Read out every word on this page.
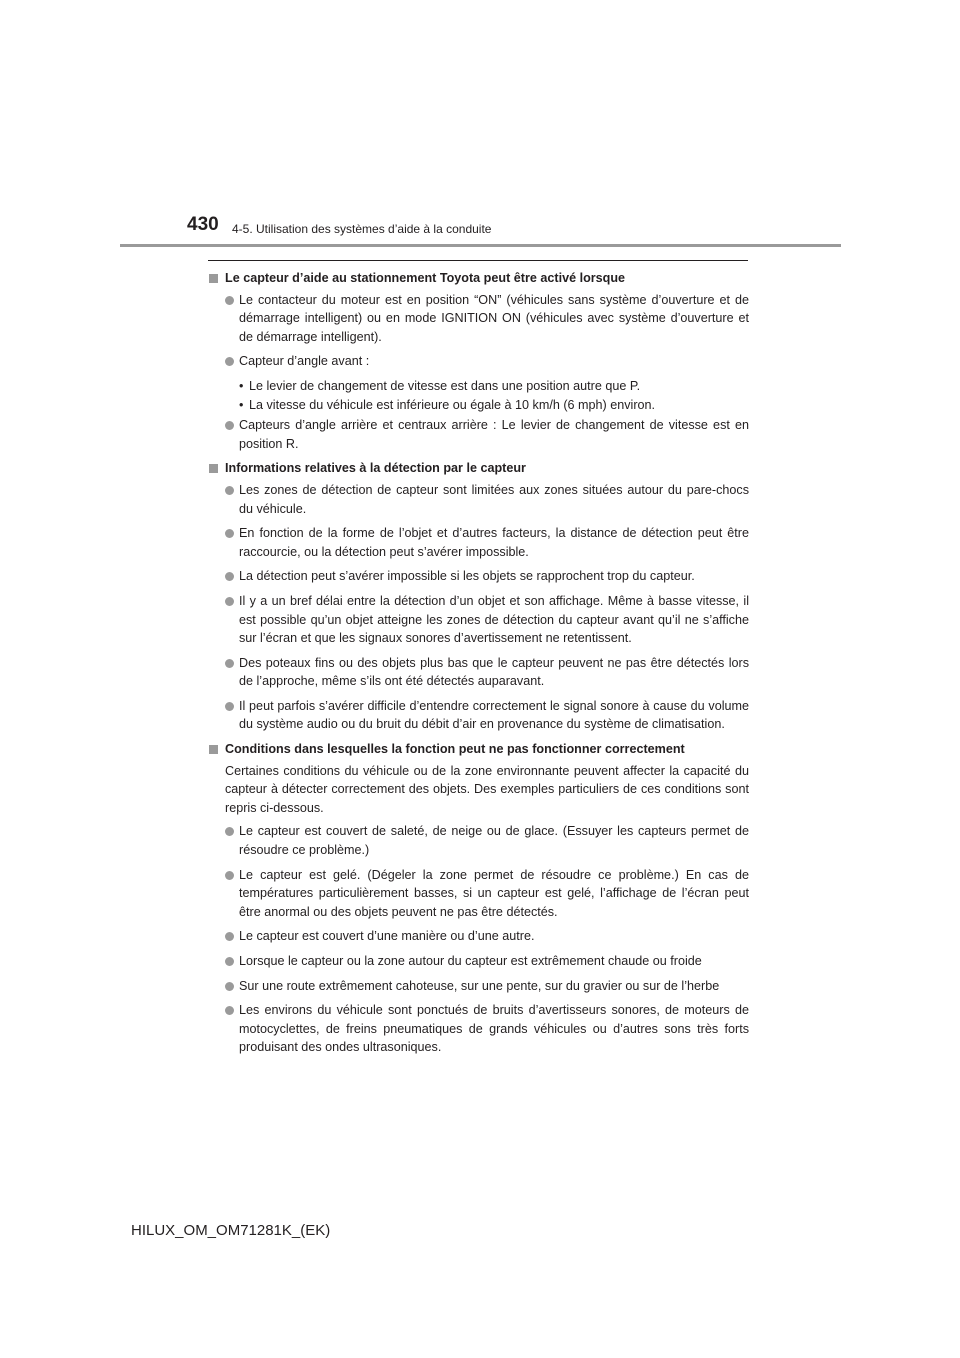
430 4-5. Utilisation des systèmes d’aide à la conduite
Le capteur d’aide au stationnement Toyota peut être activé lorsque
Le contacteur du moteur est en position “ON” (véhicules sans système d’ouverture et de démarrage intelligent) ou en mode IGNITION ON (véhicules avec système d’ouverture et de démarrage intelligent).
Capteur d’angle avant :
• Le levier de changement de vitesse est dans une position autre que P.
• La vitesse du véhicule est inférieure ou égale à 10 km/h (6 mph) environ.
Capteurs d’angle arrière et centraux arrière : Le levier de changement de vitesse est en position R.
Informations relatives à la détection par le capteur
Les zones de détection de capteur sont limitées aux zones situées autour du pare-chocs du véhicule.
En fonction de la forme de l’objet et d’autres facteurs, la distance de détection peut être raccourcie, ou la détection peut s’avérer impossible.
La détection peut s’avérer impossible si les objets se rapprochent trop du capteur.
Il y a un bref délai entre la détection d’un objet et son affichage. Même à basse vitesse, il est possible qu’un objet atteigne les zones de détection du capteur avant qu’il ne s’affiche sur l’écran et que les signaux sonores d’avertissement ne retentissent.
Des poteaux fins ou des objets plus bas que le capteur peuvent ne pas être détectés lors de l’approche, même s’ils ont été détectés auparavant.
Il peut parfois s’avérer difficile d’entendre correctement le signal sonore à cause du volume du système audio ou du bruit du débit d’air en provenance du système de climatisation.
Conditions dans lesquelles la fonction peut ne pas fonctionner correctement
Certaines conditions du véhicule ou de la zone environnante peuvent affecter la capacité du capteur à détecter correctement des objets. Des exemples particuliers de ces conditions sont repris ci-dessous.
Le capteur est couvert de saleté, de neige ou de glace. (Essuyer les capteurs permet de résoudre ce problème.)
Le capteur est gelé. (Dégeler la zone permet de résoudre ce problème.) En cas de températures particulièrement basses, si un capteur est gelé, l’affichage de l’écran peut être anormal ou des objets peuvent ne pas être détectés.
Le capteur est couvert d’une manière ou d’une autre.
Lorsque le capteur ou la zone autour du capteur est extrêmement chaude ou froide
Sur une route extrêmement cahoteuse, sur une pente, sur du gravier ou sur de l’herbe
Les environs du véhicule sont ponctués de bruits d’avertisseurs sonores, de moteurs de motocyclettes, de freins pneumatiques de grands véhicules ou d’autres sons très forts produisant des ondes ultrasoniques.
HILUX_OM_OM71281K_(EK)
